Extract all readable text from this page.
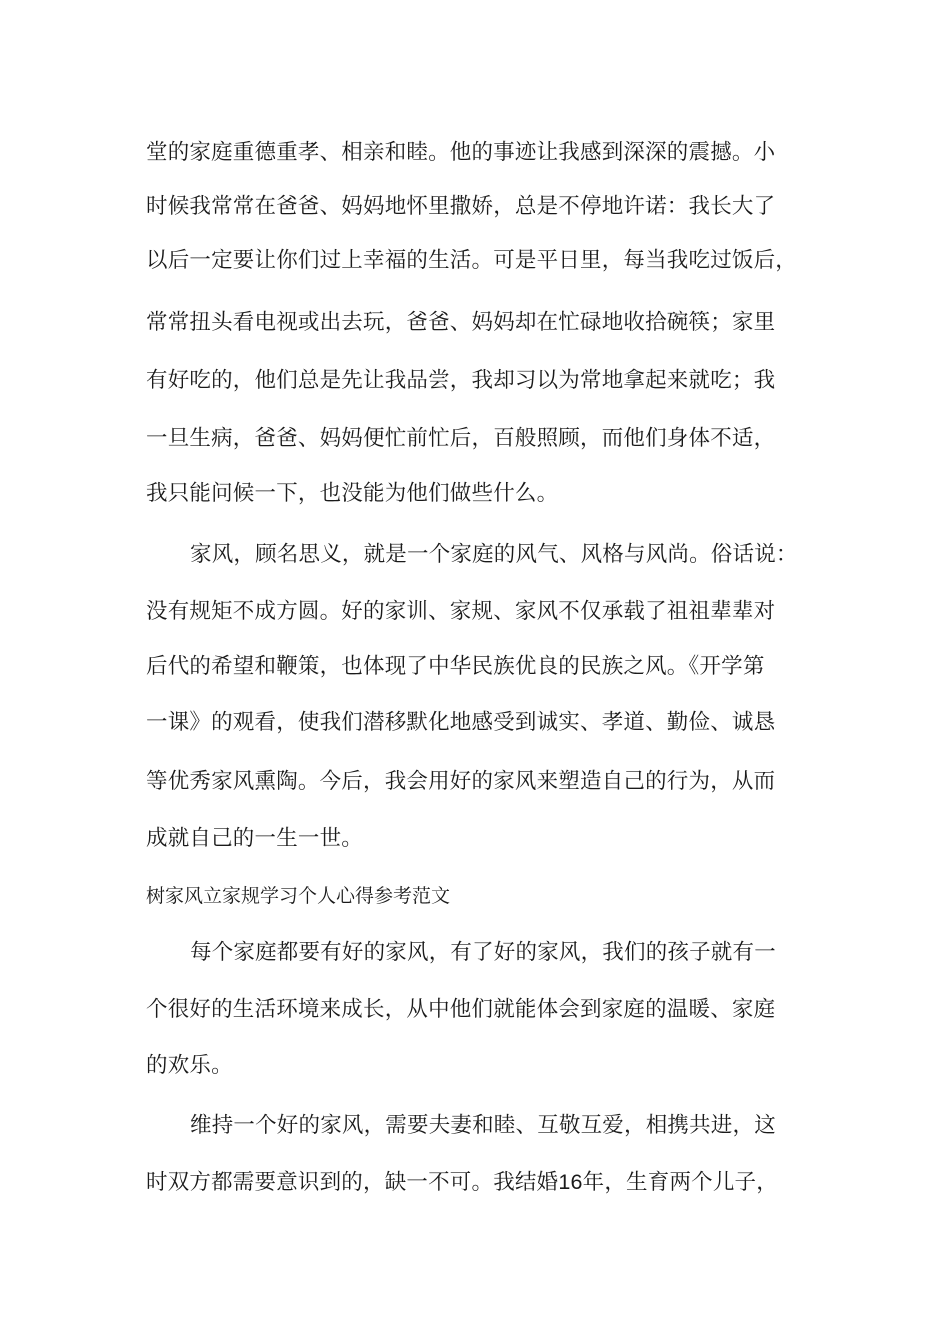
堂的家庭重德重孝、相亲和睦。他的事迹让我感到深深的震撼。小
时候我常常在爸爸、妈妈地怀里撒娇，总是不停地许诺：我长大了
以后一定要让你们过上幸福的生活。可是平日里，每当我吃过饭后，
常常扭头看电视或出去玩，爸爸、妈妈却在忙碌地收拾碗筷；家里
有好吃的，他们总是先让我品尝，我却习以为常地拿起来就吃；我
一旦生病，爸爸、妈妈便忙前忙后，百般照顾，而他们身体不适，
我只能问候一下，也没能为他们做些什么。
家风，顾名思义，就是一个家庭的风气、风格与风尚。俗话说：
没有规矩不成方圆。好的家训、家规、家风不仅承载了祖祖辈辈对
后代的希望和鞭策，也体现了中华民族优良的民族之风。《开学第
一课》的观看，使我们潜移默化地感受到诚实、孝道、勤俭、诚恳
等优秀家风熏陶。今后，我会用好的家风来塑造自己的行为，从而
成就自己的一生一世。
树家风立家规学习个人心得参考范文
每个家庭都要有好的家风，有了好的家风，我们的孩子就有一
个很好的生活环境来成长，从中他们就能体会到家庭的温暖、家庭
的欢乐。
维持一个好的家风，需要夫妻和睦、互敬互爱，相携共进，这
时双方都需要意识到的，缺一不可。我结婚16年，生育两个儿子，
